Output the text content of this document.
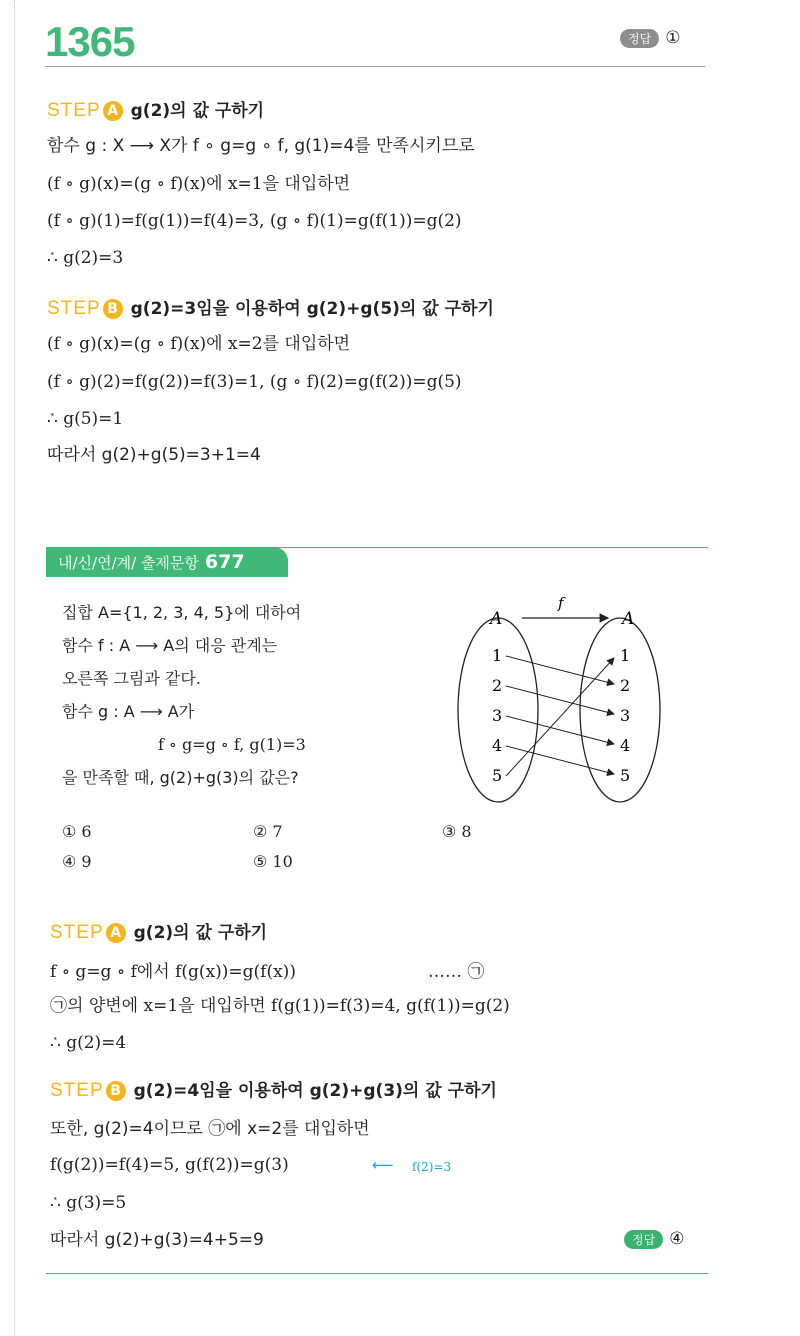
1365	정답 ①
STEP A g(2)의 값 구하기
함수 g : X ⟶ X가 f ∘ g=g ∘ f, g(1)=4를 만족시키므로
(f ∘ g)(x)=(g ∘ f)(x)에 x=1을 대입하면
(f ∘ g)(1)=f(g(1))=f(4)=3, (g ∘ f)(1)=g(f(1))=g(2)
∴ g(2)=3
STEP B g(2)=3임을 이용하여 g(2)+g(5)의 값 구하기
(f ∘ g)(x)=(g ∘ f)(x)에 x=2를 대입하면
(f ∘ g)(2)=f(g(2))=f(3)=1, (g ∘ f)(2)=g(f(2))=g(5)
∴ g(5)=1
따라서 g(2)+g(5)=3+1=4
내/신/연/계/ 출제문항 677
집합 A={1, 2, 3, 4, 5}에 대하여
함수 f : A ⟶ A의 대응 관계는
오른쪽 그림과 같다.
함수 g : A ⟶ A가
f ∘ g=g ∘ f, g(1)=3
을 만족할 때, g(2)+g(3)의 값은?
A	A
f
1
2
3
4
5
1
2
3
4
5
① 6	② 7	③ 8
④ 9	⑤ 10
STEP A g(2)의 값 구하기
f ∘ g=g ∘ f에서 f(g(x))=g(f(x))	…… ㉠
㉠의 양변에 x=1을 대입하면 f(g(1))=f(3)=4, g(f(1))=g(2)
∴ g(2)=4
STEP B g(2)=4임을 이용하여 g(2)+g(3)의 값 구하기
또한, g(2)=4이므로 ㉠에 x=2를 대입하면
f(g(2))=f(4)=5, g(f(2))=g(3)	⟵ f(2)=3
∴ g(3)=5
따라서 g(2)+g(3)=4+5=9	정답 ④
